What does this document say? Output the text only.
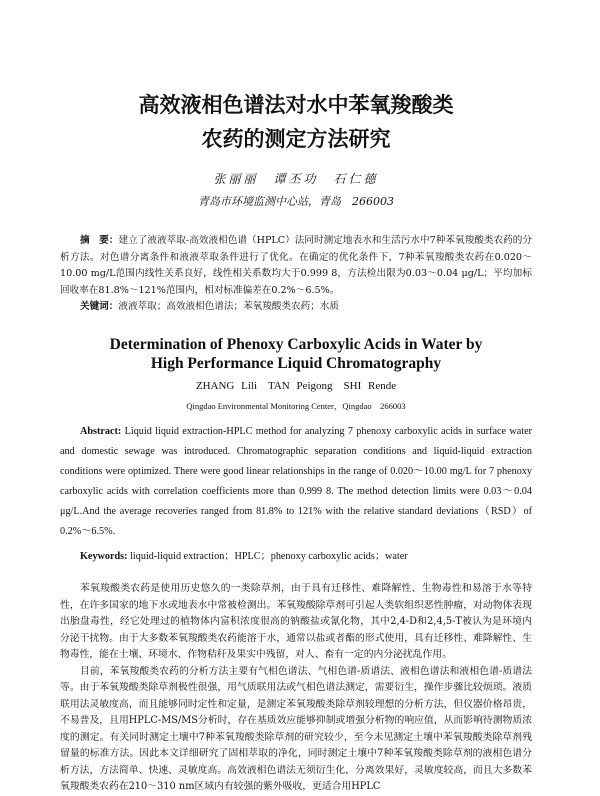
高效液相色谱法对水中苯氧羧酸类
农药的测定方法研究
张丽丽　谭丕功　石仁德
青岛市环境监测中心站，青岛　266003
摘　要：建立了液液萃取-高效液相色谱（HPLC）法同时测定地表水和生活污水中7种苯氧羧酸类农药的分析方法。对色谱分离条件和液液萃取条件进行了优化。在确定的优化条件下，7种苯氧羧酸类农药在0.020～10.00 mg/L范围内线性关系良好，线性相关系数均大于0.999 8，方法检出限为0.03～0.04 μg/L；平均加标回收率在81.8%～121%范围内，相对标准偏差在0.2%～6.5%。
关键词：液液萃取；高效液相色谱法；苯氧羧酸类农药；水质
Determination of Phenoxy Carboxylic Acids in Water by
High Performance Liquid Chromatography
ZHANG Lili　TAN Peigong　SHI Rende
Qingdao Environmental Monitoring Center，Qingdao　266003
Abstract: Liquid liquid extraction-HPLC method for analyzing 7 phenoxy carboxylic acids in surface water and domestic sewage was introduced. Chromatographic separation conditions and liquid-liquid extraction conditions were optimized. There were good linear relationships in the range of 0.020～10.00 mg/L for 7 phenoxy carboxylic acids with correlation coefficients more than 0.999 8. The method detection limits were 0.03～0.04 μg/L.And the average recoveries ranged from 81.8% to 121% with the relative standard deviations（RSD）of 0.2%～6.5%.
Keywords: liquid-liquid extraction；HPLC；phenoxy carboxylic acids；water

苯氧羧酸类农药是使用历史悠久的一类除草剂，由于具有迁移性、难降解性、生物毒性和易溶于水等特性，在许多国家的地下水或地表水中常被检测出。苯氧羧酸除草剂可引起人类软组织恶性肿瘤，对动物体表现出胎盘毒性，经它处理过的植物体内富积浓度很高的钠酸盐或氰化物，其中2,4-D和2,4,5-T被认为是环境内分泌干扰物。由于大多数苯氧羧酸类农药能溶于水，通常以盐或者酯的形式使用，具有迁移性、难降解性、生物毒性，能在土壤、环境水、作物秸秆及果实中残留，对人、畜有一定的内分泌扰乱作用。

目前，苯氧羧酸类农药的分析方法主要有气相色谱法、气相色谱-质谱法、液相色谱法和液相色谱-质谱法等。由于苯氧羧酸类除草剂极性很强，用气质联用法或气相色谱法测定，需要衍生，操作步骤比较烦琐。液质联用法灵敏度高，而且能够同时定性和定量，是测定苯氧羧酸类除草剂较理想的分析方法，但仪器价格昂贵，不易普及，且用HPLC-MS/MS分析时，存在基质效应能够抑制或增强分析物的响应值，从而影响待测物质浓度的测定。有关同时测定土壤中7种苯氧羧酸类除草剂的研究较少，至今未见测定土壤中苯氧羧酸类除草剂残留量的标准方法。因此本文详细研究了固相萃取的净化，同时测定土壤中7种苯氧羧酸类除草剂的液相色谱分析方法，方法简单、快速、灵敏度高。高效液相色谱法无须衍生化，分离效果好，灵敏度较高，而且大多数苯氧羧酸类农药在210～310 nm区域内有较强的紫外吸收，更适合用HPLC
